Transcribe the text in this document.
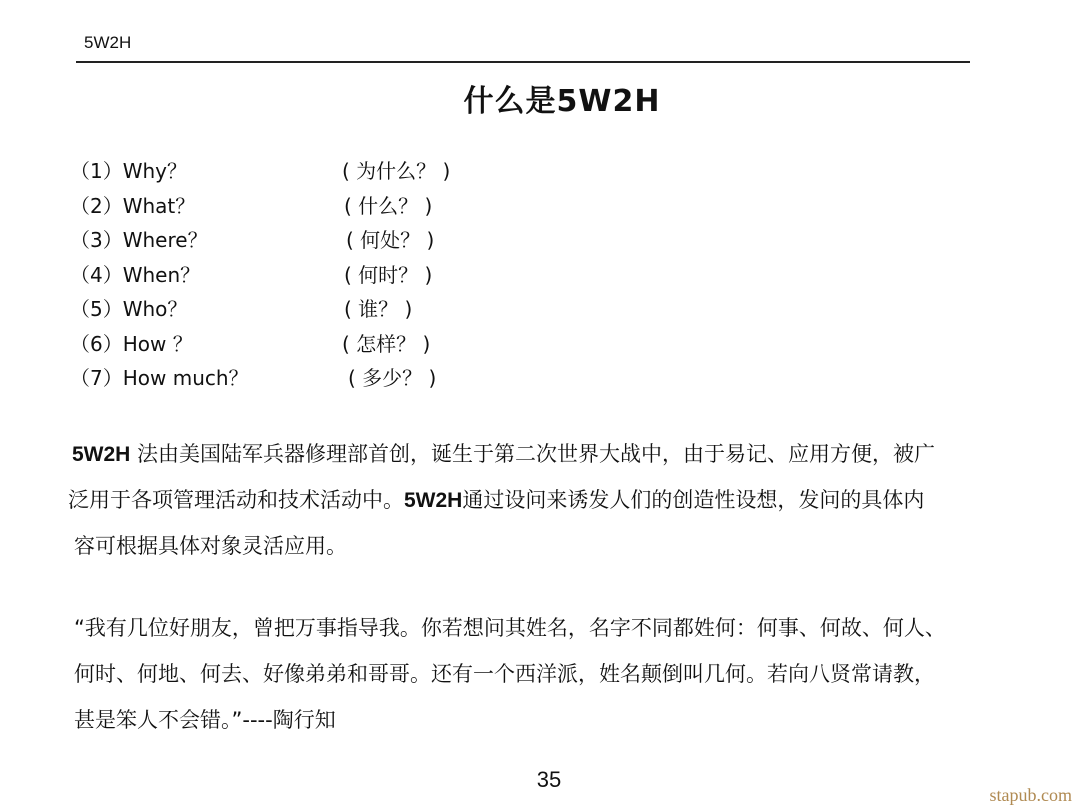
5W2H
什么是5W2H
（1）Why？	( 为什么？ )
（2）What？	( 什么？ )
（3）Where？	( 何处？ )
（4）When？	( 何时？ )
（5）Who？	( 谁？ )
（6）How ？	( 怎样？ )
（7）How much？	( 多少？ )
5W2H 法由美国陆军兵器修理部首创，诞生于第二次世界大战中，由于易记、应用方便，被广
泛用于各项管理活动和技术活动中。5W2H通过设问来诱发人们的创造性设想，发问的具体内
容可根据具体对象灵活应用。
“我有几位好朋友，曾把万事指导我。你若想问其姓名，名字不同都姓何：何事、何故、何人、
何时、何地、何去、好像弟弟和哥哥。还有一个西洋派，姓名颠倒叫几何。若向八贤常请教，
甚是笨人不会错。”----陶行知
35
stapub.com
